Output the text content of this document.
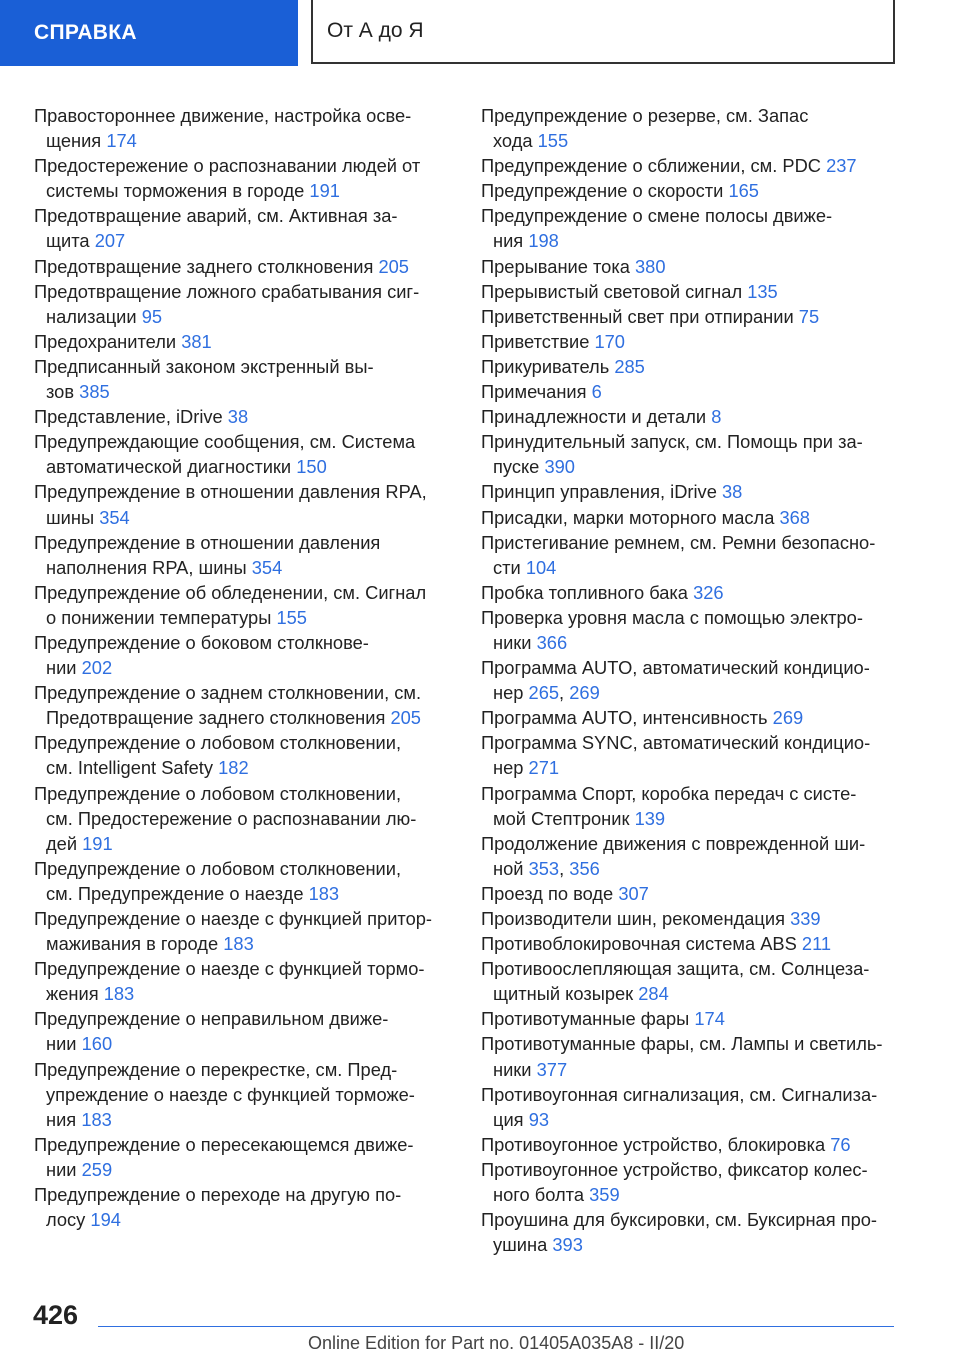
СПРАВКА	От А до Я
Правостороннее движение, настройка осве-
щения 174
Предостережение о распознавании людей от
системы торможения в городе 191
Предотвращение аварий, см. Активная за-
щита 207
Предотвращение заднего столкновения 205
Предотвращение ложного срабатывания сиг-
нализации 95
Предохранители 381
Предписанный законом экстренный вы-
зов 385
Представление, iDrive 38
Предупреждающие сообщения, см. Система
автоматической диагностики 150
Предупреждение в отношении давления RPA,
шины 354
Предупреждение в отношении давления
наполнения RPA, шины 354
Предупреждение об обледенении, см. Сигнал
о понижении температуры 155
Предупреждение о боковом столкнове-
нии 202
Предупреждение о заднем столкновении, см.
Предотвращение заднего столкновения 205
Предупреждение о лобовом столкновении,
см. Intelligent Safety 182
Предупреждение о лобовом столкновении,
см. Предостережение о распознавании лю-
дей 191
Предупреждение о лобовом столкновении,
см. Предупреждение о наезде 183
Предупреждение о наезде с функцией притор-
маживания в городе 183
Предупреждение о наезде с функцией тормо-
жения 183
Предупреждение о неправильном движе-
нии 160
Предупреждение о перекрестке, см. Пред-
упреждение о наезде с функцией торможе-
ния 183
Предупреждение о пересекающемся движе-
нии 259
Предупреждение о переходе на другую по-
лосу 194
Предупреждение о резерве, см. Запас
хода 155
Предупреждение о сближении, см. PDC 237
Предупреждение о скорости 165
Предупреждение о смене полосы движе-
ния 198
Прерывание тока 380
Прерывистый световой сигнал 135
Приветственный свет при отпирании 75
Приветствие 170
Прикуриватель 285
Примечания 6
Принадлежности и детали 8
Принудительный запуск, см. Помощь при за-
пуске 390
Принцип управления, iDrive 38
Присадки, марки моторного масла 368
Пристегивание ремнем, см. Ремни безопасно-
сти 104
Пробка топливного бака 326
Проверка уровня масла с помощью электро-
ники 366
Программа AUTO, автоматический кондицио-
нер 265, 269
Программа AUTO, интенсивность 269
Программа SYNC, автоматический кондицио-
нер 271
Программа Спорт, коробка передач с систе-
мой Стептроник 139
Продолжение движения с поврежденной ши-
ной 353, 356
Проезд по воде 307
Производители шин, рекомендация 339
Противоблокировочная система ABS 211
Противоослепляющая защита, см. Солнцеза-
щитный козырек 284
Противотуманные фары 174
Противотуманные фары, см. Лампы и светиль-
ники 377
Противоугонная сигнализация, см. Сигнализа-
ция 93
Противоугонное устройство, блокировка 76
Противоугонное устройство, фиксатор колес-
ного болта 359
Проушина для буксировки, см. Буксирная про-
ушина 393
426
Online Edition for Part no. 01405A035A8 - II/20
